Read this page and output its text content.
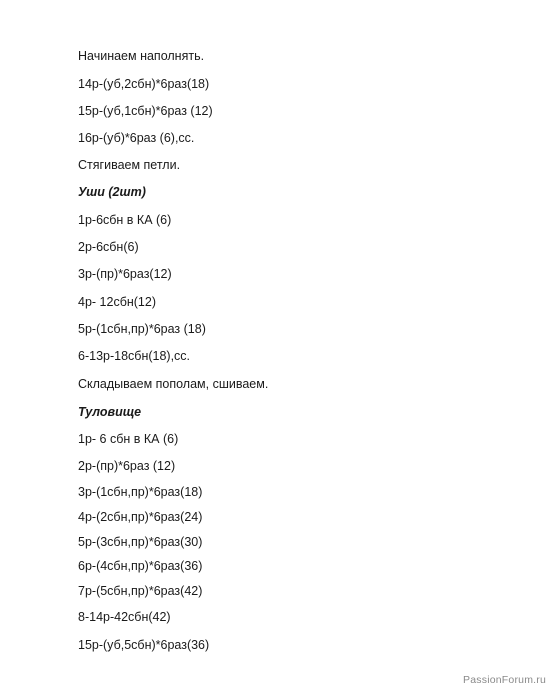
Начинаем наполнять.
14р-(уб,2сбн)*6раз(18)
15р-(уб,1сбн)*6раз (12)
16р-(уб)*6раз (6),сс.
Стягиваем петли.
Уши (2шт)
1р-6сбн в КА (6)
2р-6сбн(6)
3р-(пр)*6раз(12)
4р- 12сбн(12)
5р-(1сбн,пр)*6раз (18)
6-13р-18сбн(18),сс.
Складываем пополам, сшиваем.
Туловище
1р- 6 сбн в КА (6)
2р-(пр)*6раз (12)
3р-(1сбн,пр)*6раз(18)
4р-(2сбн,пр)*6раз(24)
5р-(3сбн,пр)*6раз(30)
6р-(4сбн,пр)*6раз(36)
7р-(5сбн,пр)*6раз(42)
8-14р-42сбн(42)
15р-(уб,5сбн)*6раз(36)
PassionForum.ru
